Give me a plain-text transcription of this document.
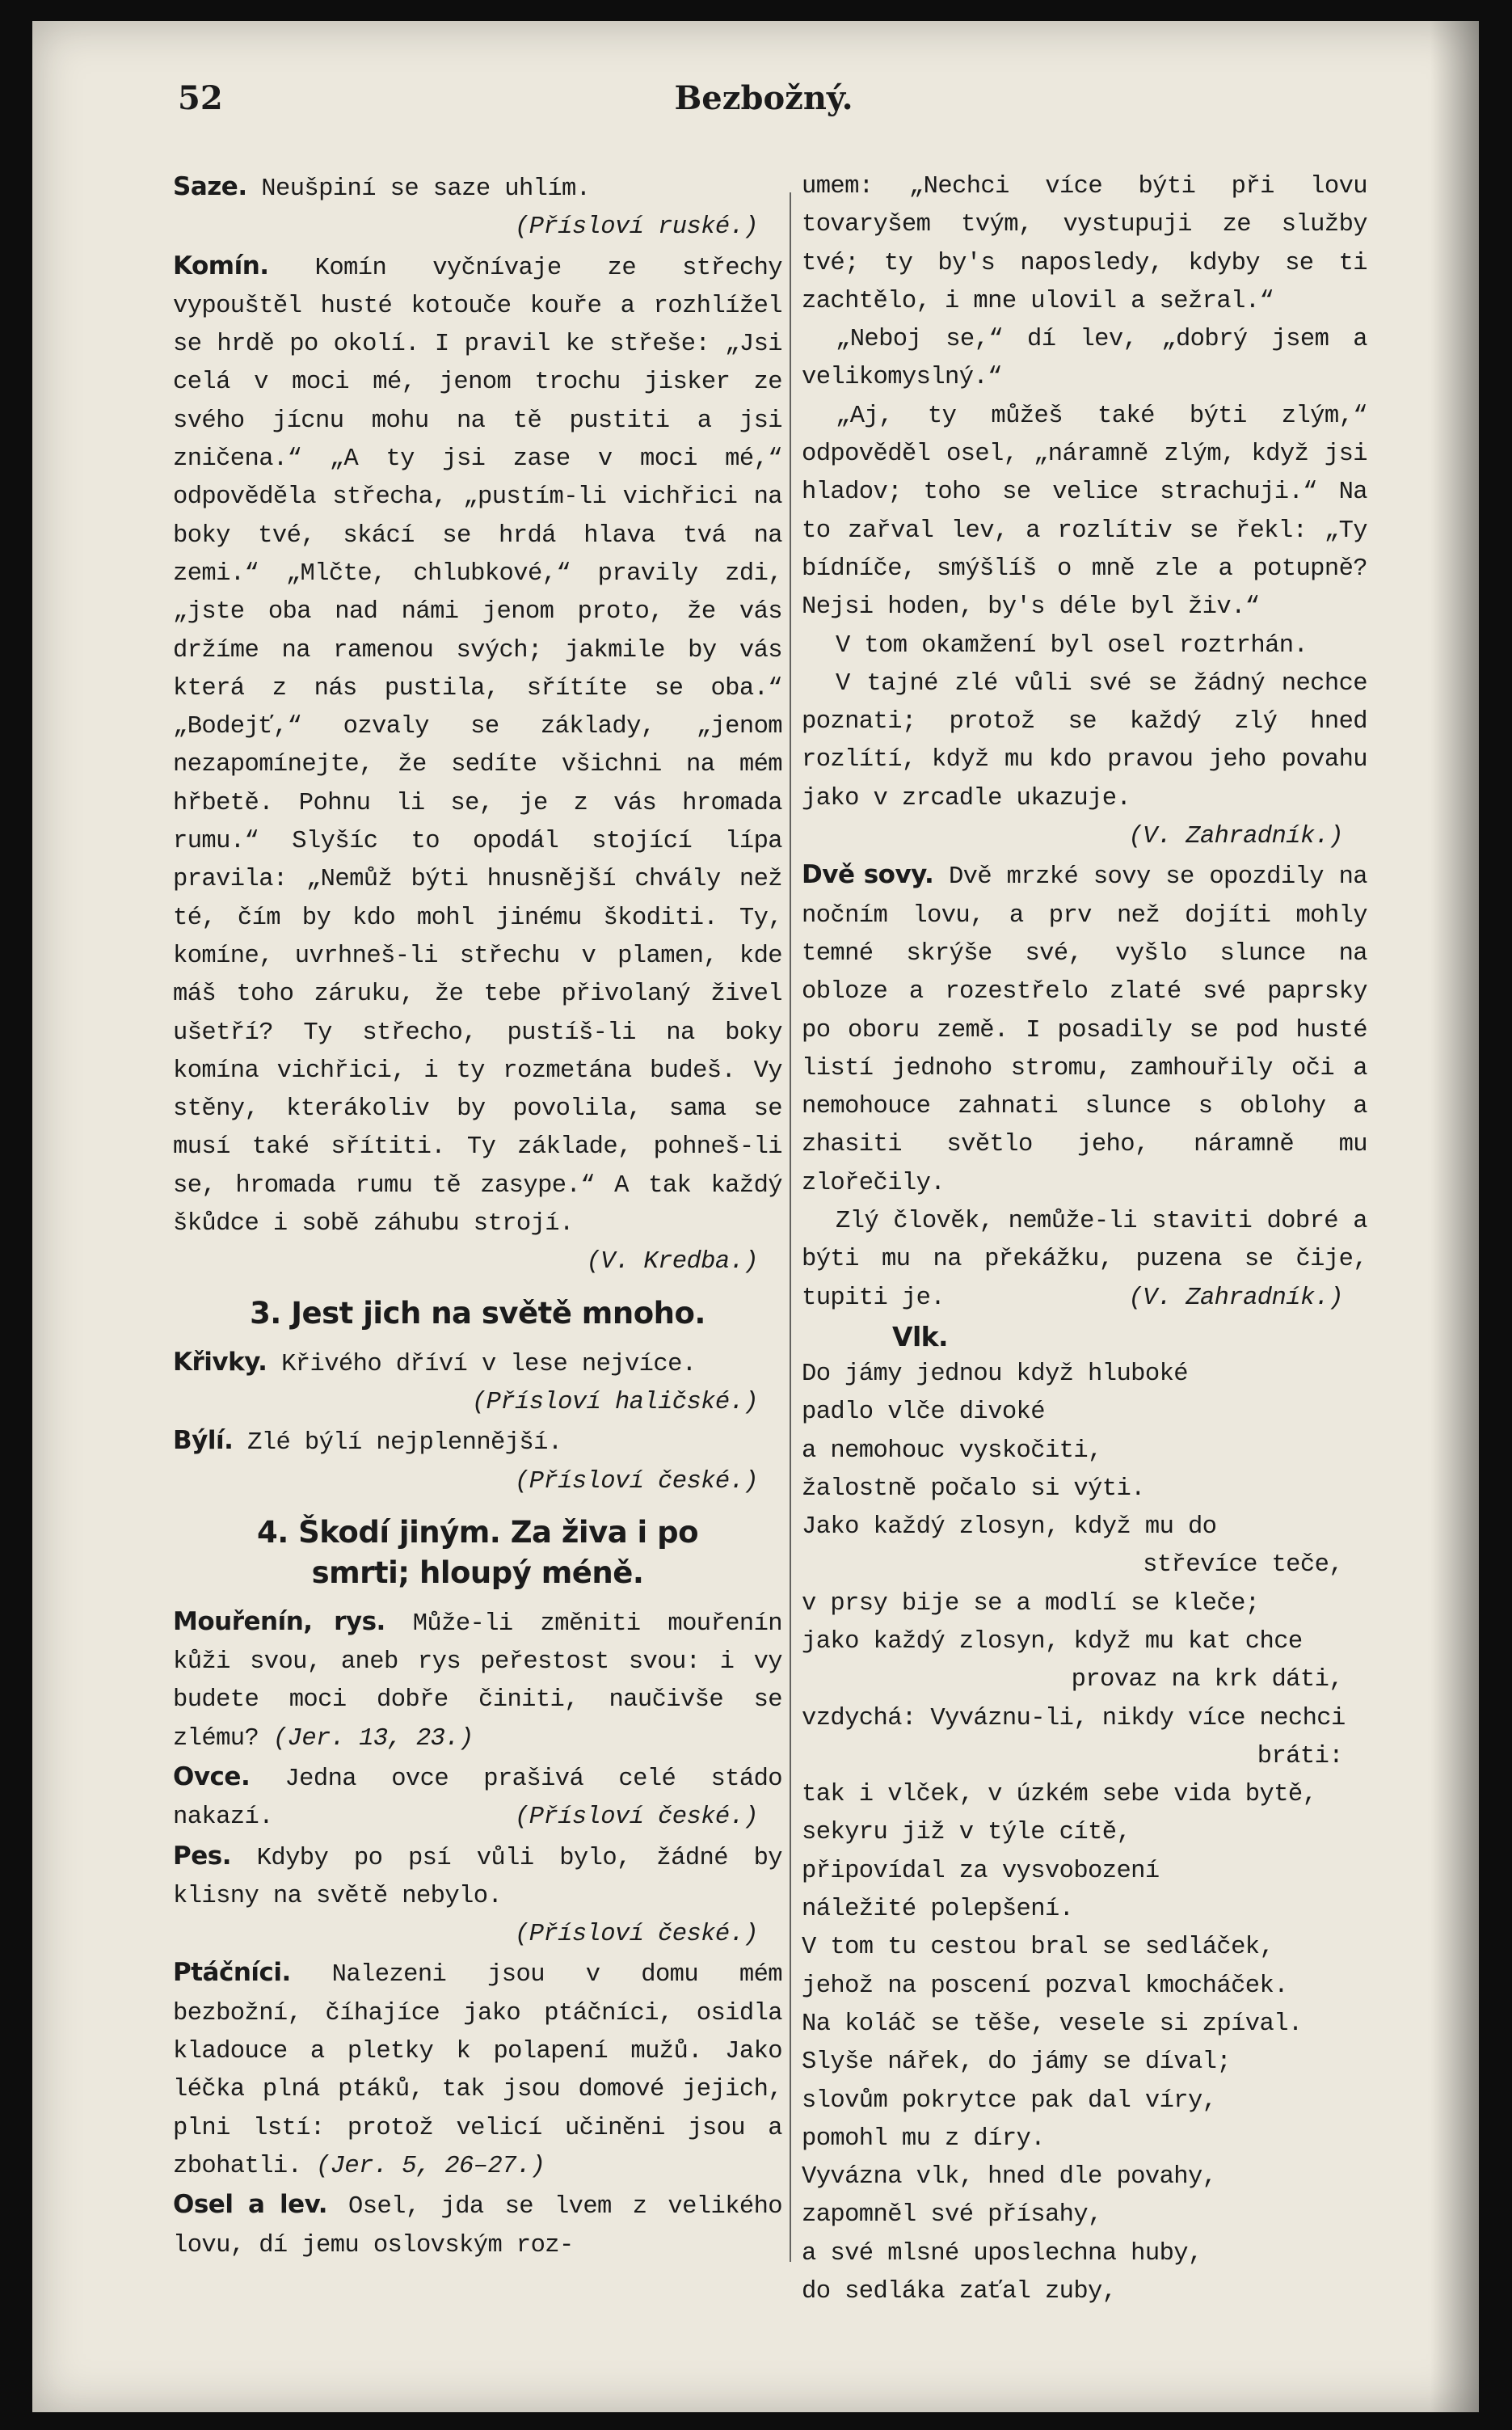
52	Bezbožný.

Saze. Neušpiní se saze uhlím.

(Přísloví ruské.)

Komín. Komín vyčnívaje ze střechy vypouštěl husté kotouče kouře a rozhlížel se hrdě po okolí. I pravil ke střeše: „Jsi celá v moci mé, jenom trochu jisker ze svého jícnu mohu na tě pustiti a jsi zničena.“ „A ty jsi zase v moci mé,“ odpověděla střecha, „pustím-li vichřici na boky tvé, skácí se hrdá hlava tvá na zemi.“ „Mlčte, chlubkové,“ pravily zdi, „jste oba nad námi jenom proto, že vás držíme na ramenou svých; jakmile by vás která z nás pustila, sřítíte se oba.“ „Bodejť,“ ozvaly se základy, „jenom nezapomínejte, že sedíte všichni na mém hřbetě. Pohnu li se, je z vás hromada rumu.“ Slyšíc to opodál stojící lípa pravila: „Nemůž býti hnusnější chvály než té, čím by kdo mohl jinému škoditi. Ty, komíne, uvrhneš-li střechu v plamen, kde máš toho záruku, že tebe přivolaný živel ušetří? Ty střecho, pustíš-li na boky komína vichřici, i ty rozmetána budeš. Vy stěny, kterákoliv by povolila, sama se musí také sřítiti. Ty základe, pohneš-li se, hromada rumu tě zasype.“ A tak každý škůdce i sobě záhubu strojí.

(V. Kredba.)

3. Jest jich na světě mnoho.

Křivky. Křivého dříví v lese nejvíce.

(Přísloví haličské.)

Býlí. Zlé býlí nejplennější.

(Přísloví české.)

4. Škodí jiným. Za živa i po
smrti; hloupý méně.

Mouřenín, rys. Může-li změniti mouřenín kůži svou, aneb rys peřestost svou: i vy budete moci dobře činiti, naučivše se zlému? (Jer. 13, 23.)

Ovce. Jedna ovce prašivá celé stádo nakazí.	(Přísloví české.)

Pes. Kdyby po psí vůli bylo, žádné by klisny na světě nebylo.

(Přísloví české.)

Ptáčníci. Nalezeni jsou v domu mém bezbožní, číhajíce jako ptáčníci, osidla kladouce a pletky k polapení mužů. Jako léčka plná ptáků, tak jsou domové jejich, plni lstí: protož velicí učiněni jsou a zbohatli. (Jer. 5, 26–27.)

Osel a lev. Osel, jda se lvem z velikého lovu, dí jemu oslovským roz-

umem: „Nechci více býti při lovu tovaryšem tvým, vystupuji ze služby tvé; ty by's naposledy, kdyby se ti zachtělo, i mne ulovil a sežral.“

„Neboj se,“ dí lev, „dobrý jsem a velikomyslný.“

„Aj, ty můžeš také býti zlým,“ odpověděl osel, „náramně zlým, když jsi hladov; toho se velice strachuji.“ Na to zařval lev, a rozlítiv se řekl: „Ty bídníče, smýšlíš o mně zle a potupně? Nejsi hoden, by's déle byl živ.“

V tom okamžení byl osel roztrhán.

V tajné zlé vůli své se žádný nechce poznati; protož se každý zlý hned rozlítí, když mu kdo pravou jeho povahu jako v zrcadle ukazuje.

(V. Zahradník.)

Dvě sovy. Dvě mrzké sovy se opozdily na nočním lovu, a prv než dojíti mohly temné skrýše své, vyšlo slunce na obloze a rozestřelo zlaté své paprsky po oboru země. I posadily se pod husté listí jednoho stromu, zamhouřily oči a nemohouce zahnati slunce s oblohy a zhasiti světlo jeho, náramně mu zlořečily.

Zlý člověk, nemůže-li staviti dobré a býti mu na překážku, puzena se čije, tupiti je.	(V. Zahradník.)

Vlk.
Do jámy jednou když hluboké
padlo vlče divoké
a nemohouc vyskočiti,
žalostně počalo si výti.
Jako každý zlosyn, když mu do
střevíce teče,
v prsy bije se a modlí se kleče;
jako každý zlosyn, když mu kat chce
provaz na krk dáti,
vzdychá: Vyváznu-li, nikdy více nechci
bráti:
tak i vlček, v úzkém sebe vida bytě,
sekyru již v týle cítě,
připovídal za vysvobození
náležité polepšení.
V tom tu cestou bral se sedláček,
jehož na poscení pozval kmocháček.
Na koláč se těše, vesele si zpíval.
Slyše nářek, do jámy se díval;
slovům pokrytce pak dal víry,
pomohl mu z díry.
Vyvázna vlk, hned dle povahy,
zapomněl své přísahy,
a své mlsné uposlechna huby,
do sedláka zaťal zuby,
